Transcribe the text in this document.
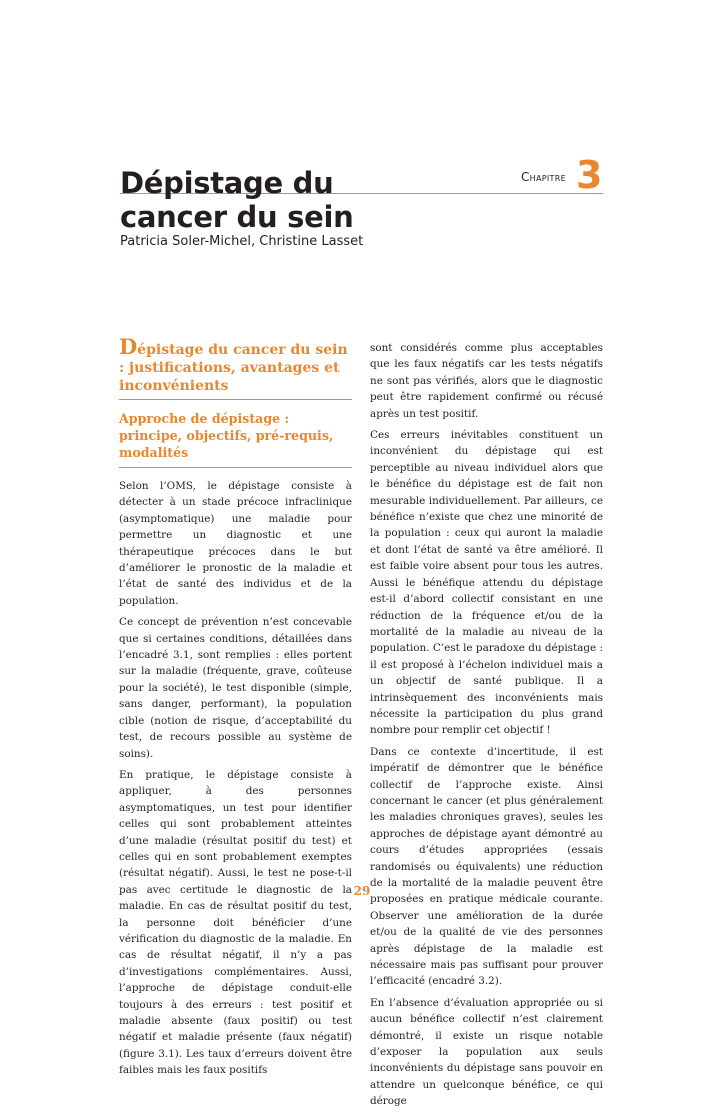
Dépistage du cancer du sein
Chapitre 3

Patricia Soler-Michel, Christine Lasset

Dépistage du cancer du sein : justifications, avantages et inconvénients
Approche de dépistage : principe, objectifs, pré-requis, modalités

Selon l’OMS, le dépistage consiste à détecter à un stade précoce infraclinique (asymptomatique) une maladie pour permettre un diagnostic et une thérapeutique précoces dans le but d’améliorer le pronostic de la maladie et l’état de santé des individus et de la population.

Ce concept de prévention n’est concevable que si certaines conditions, détaillées dans l’encadré 3.1, sont remplies : elles portent sur la maladie (fréquente, grave, coûteuse pour la société), le test disponible (simple, sans danger, performant), la population cible (notion de risque, d’acceptabilité du test, de recours possible au système de soins).

En pratique, le dépistage consiste à appliquer, à des personnes asymptomatiques, un test pour identifier celles qui sont probablement atteintes d’une maladie (résultat positif du test) et celles qui en sont probablement exemptes (résultat négatif). Aussi, le test ne pose-t-il pas avec certitude le diagnostic de la maladie. En cas de résultat positif du test, la personne doit bénéficier d’une vérification du diagnostic de la maladie. En cas de résultat négatif, il n’y a pas d’investigations complémentaires. Aussi, l’approche de dépistage conduit-elle toujours à des erreurs : test positif et maladie absente (faux positif) ou test négatif et maladie présente (faux négatif) (figure 3.1). Les taux d’erreurs doivent être faibles mais les faux positifs

sont considérés comme plus acceptables que les faux négatifs car les tests négatifs ne sont pas vérifiés, alors que le diagnostic peut être rapidement confirmé ou récusé après un test positif.

Ces erreurs inévitables constituent un inconvénient du dépistage qui est perceptible au niveau individuel alors que le bénéfice du dépistage est de fait non mesurable individuellement. Par ailleurs, ce bénéfice n’existe que chez une minorité de la population : ceux qui auront la maladie et dont l’état de santé va être amélioré. Il est faible voire absent pour tous les autres. Aussi le bénéfique attendu du dépistage est-il d’abord collectif consistant en une réduction de la fréquence et/ou de la mortalité de la maladie au niveau de la population. C’est le paradoxe du dépistage : il est proposé à l’échelon individuel mais a un objectif de santé publique. Il a intrinsèquement des inconvénients mais nécessite la participation du plus grand nombre pour remplir cet objectif !

Dans ce contexte d’incertitude, il est impératif de démontrer que le bénéfice collectif de l’approche existe. Ainsi concernant le cancer (et plus généralement les maladies chroniques graves), seules les approches de dépistage ayant démontré au cours d’études appropriées (essais randomisés ou équivalents) une réduction de la mortalité de la maladie peuvent être proposées en pratique médicale courante. Observer une amélioration de la durée et/ou de la qualité de vie des personnes après dépistage de la maladie est nécessaire mais pas suffisant pour prouver l’efficacité (encadré 3.2).

En l’absence d’évaluation appropriée ou si aucun bénéfice collectif n’est clairement démontré, il existe un risque notable d’exposer la population aux seuls inconvénients du dépistage sans pouvoir en attendre un quelconque bénéfice, ce qui déroge

29
